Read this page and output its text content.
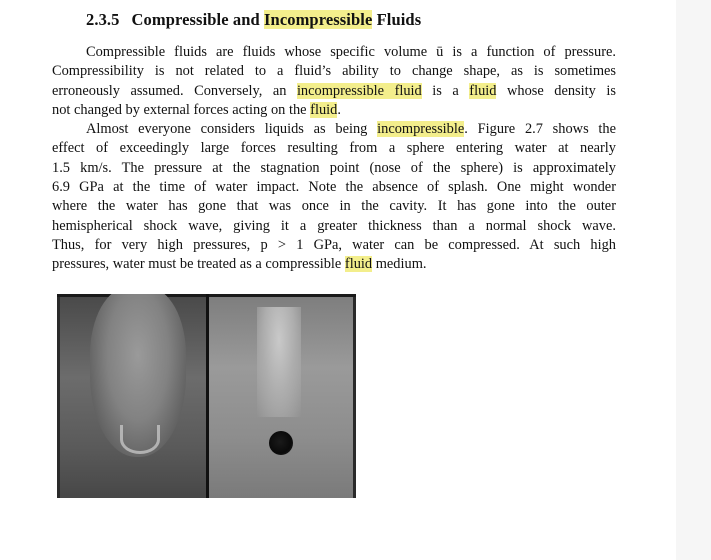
2.3.5 Compressible and Incompressible Fluids
Compressible fluids are fluids whose specific volume ū is a function of pressure.
Compressibility is not related to a fluid’s ability to change shape, as is sometimes
erroneously assumed. Conversely, an incompressible fluid is a fluid whose density is
not changed by external forces acting on the fluid.
Almost everyone considers liquids as being incompressible. Figure 2.7 shows the
effect of exceedingly large forces resulting from a sphere entering water at nearly
1.5 km/s. The pressure at the stagnation point (nose of the sphere) is approximately
6.9 GPa at the time of water impact. Note the absence of splash. One might wonder
where the water has gone that was once in the cavity. It has gone into the outer
hemispherical shock wave, giving it a greater thickness than a normal shock wave.
Thus, for very high pressures, p > 1 GPa, water can be compressed. At such high
pressures, water must be treated as a compressible fluid medium.
